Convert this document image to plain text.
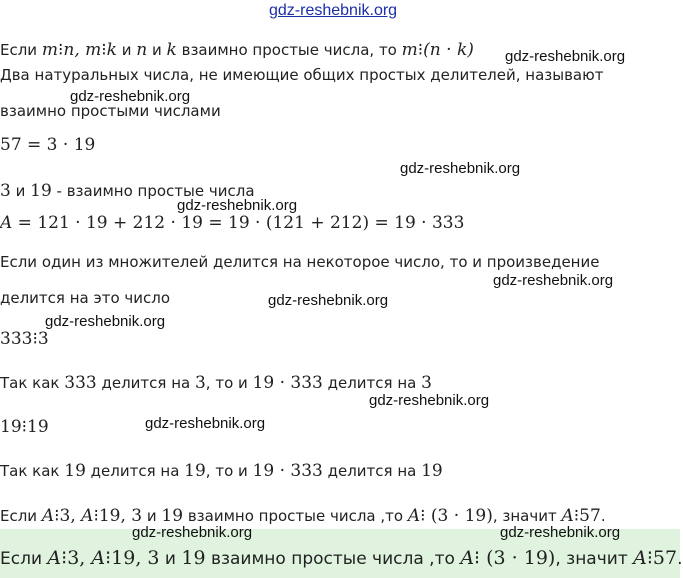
gdz-reshebnik.org
gdz-reshebnik.org
gdz-reshebnik.org
gdz-reshebnik.org
gdz-reshebnik.org
gdz-reshebnik.org
gdz-reshebnik.org
gdz-reshebnik.org
gdz-reshebnik.org
gdz-reshebnik.org
gdz-reshebnik.org	gdz-reshebnik.org
Если m⁝n, m⁝k и n и k взаимно простые числа, то m⁝(n · k)
Два натуральных числа, не имеющие общих простых делителей, называют
взаимно простыми числами
57 = 3 · 19
3 и 19 - взаимно простые числа
A = 121 · 19 + 212 · 19 = 19 · (121 + 212) = 19 · 333
Если один из множителей делится на некоторое число, то и произведение
делится на это число
333⁝3
Так как 333 делится на 3, то и 19 · 333 делится на 3
19⁝19
Так как 19 делится на 19, то и 19 · 333 делится на 19
Если A⁝3, A⁝19, 3 и 19 взаимно простые числа ,то A⁝ (3 · 19), значит A⁝57.
Если A⁝3, A⁝19, 3 и 19 взаимно простые числа ,то A⁝ (3 · 19), значит A⁝57.
